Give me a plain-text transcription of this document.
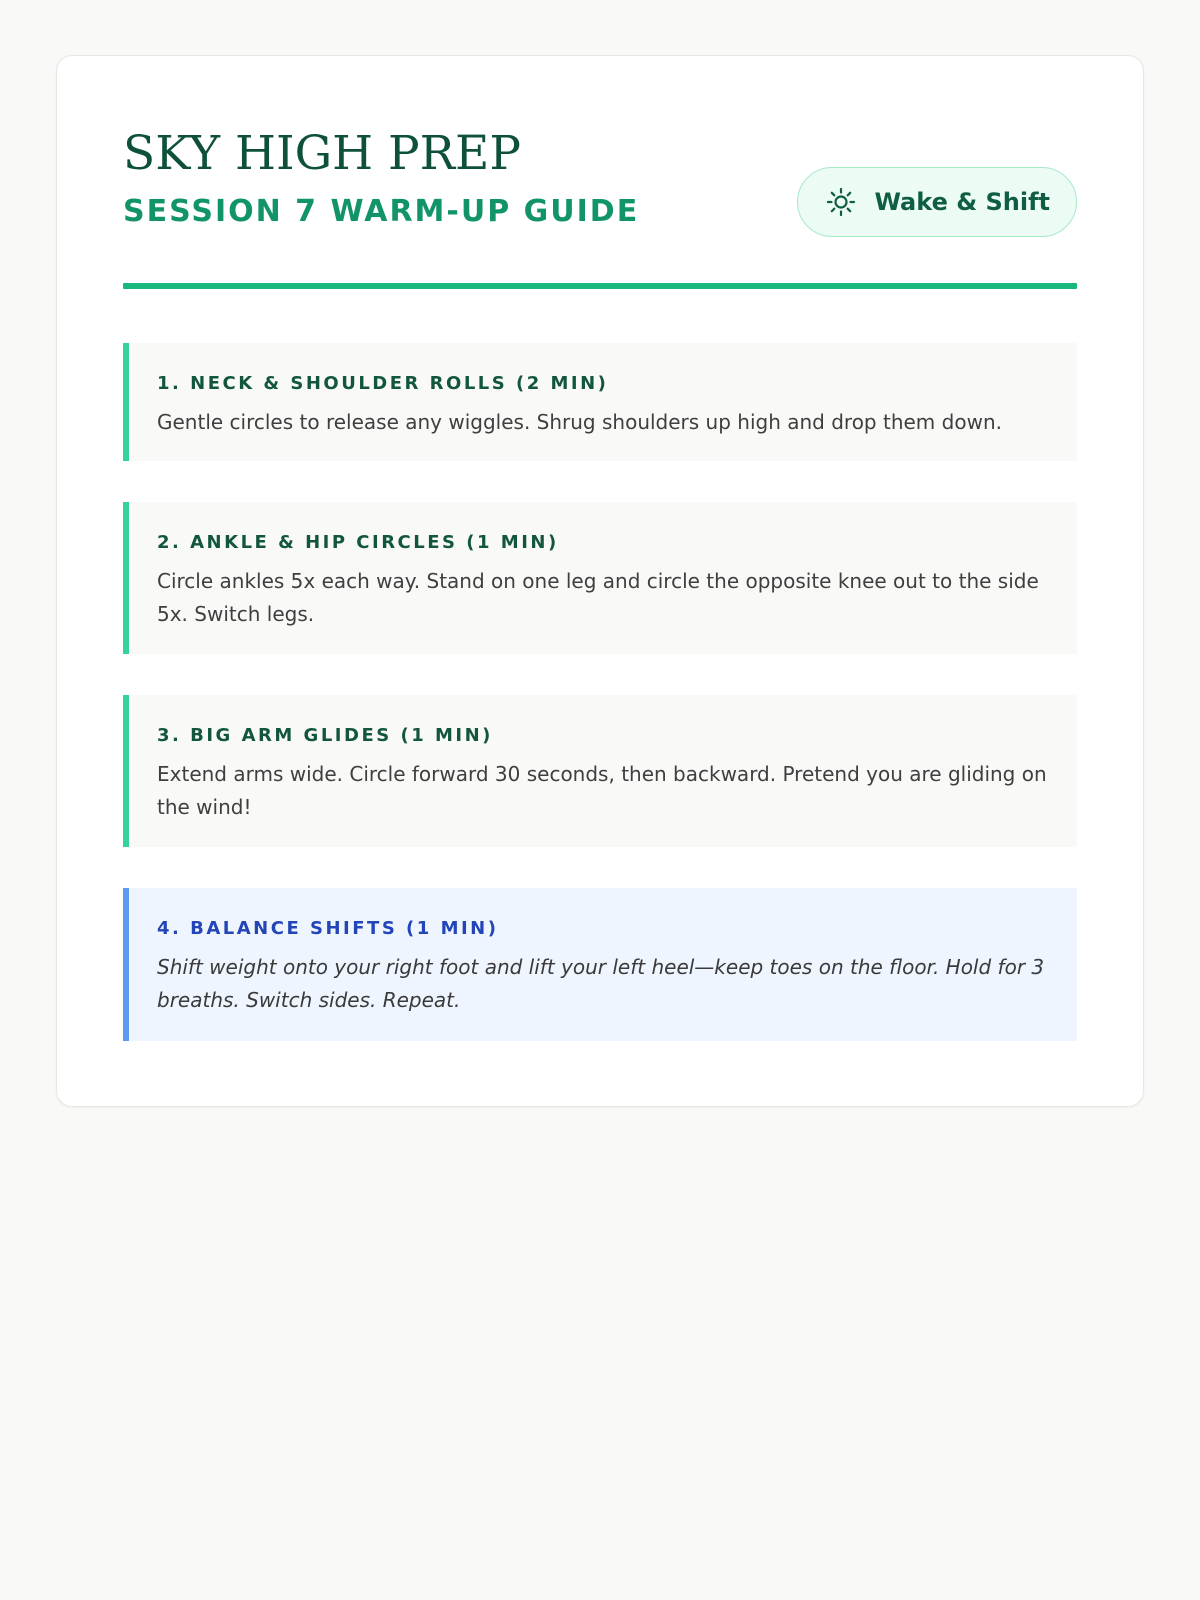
SKY HIGH PREP
SESSION 7 WARM-UP GUIDE	Wake & Shift
1. NECK & SHOULDER ROLLS (2 MIN)

Gentle circles to release any wiggles. Shrug shoulders up high and drop them down.

2. ANKLE & HIP CIRCLES (1 MIN)

Circle ankles 5x each way. Stand on one leg and circle the opposite knee out to the side 5x. Switch legs.

3. BIG ARM GLIDES (1 MIN)

Extend arms wide. Circle forward 30 seconds, then backward. Pretend you are gliding on the wind!

4. BALANCE SHIFTS (1 MIN)

Shift weight onto your right foot and lift your left heel—keep toes on the floor. Hold for 3 breaths. Switch sides. Repeat.
